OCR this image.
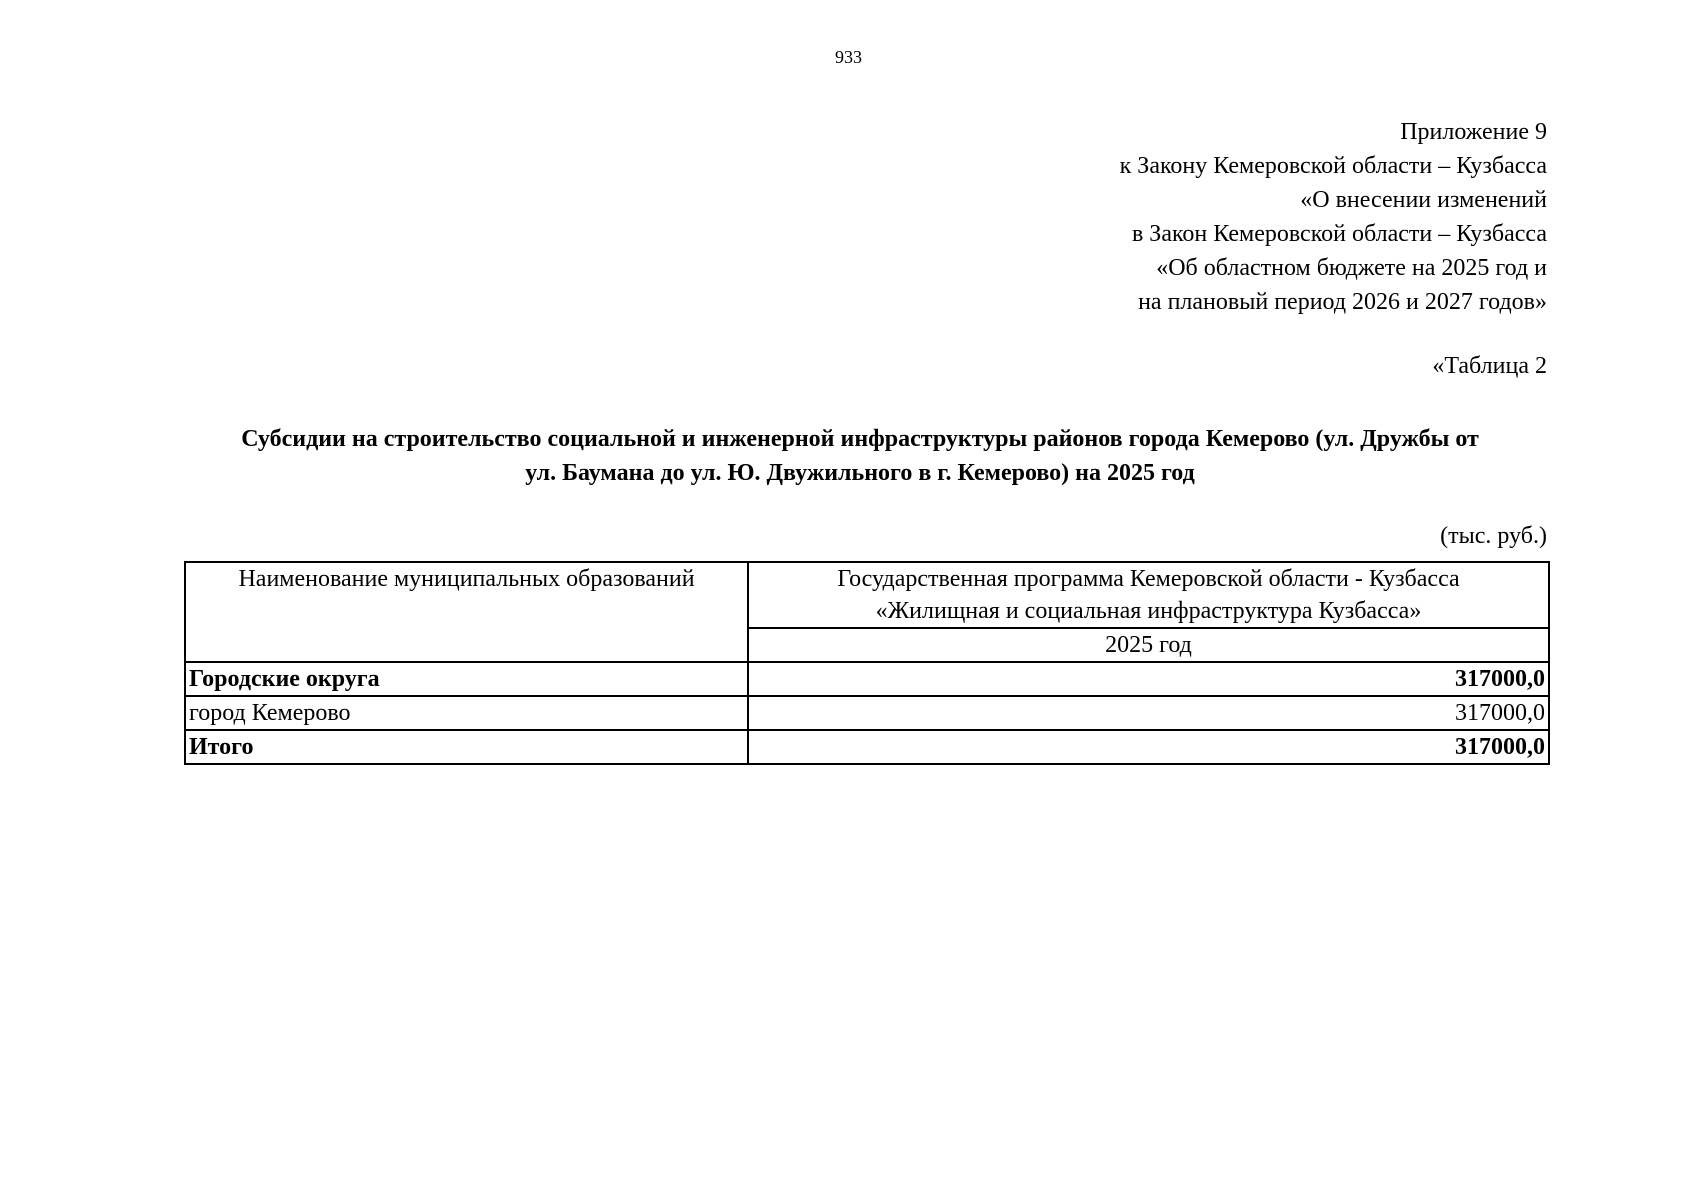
933
Приложение 9
к Закону Кемеровской области – Кузбасса
«О внесении изменений
в Закон Кемеровской области – Кузбасса
«Об областном бюджете на 2025 год и
на плановый период 2026 и 2027 годов»
«Таблица 2
Субсидии на строительство социальной и инженерной инфраструктуры районов города Кемерово (ул. Дружбы от
ул. Баумана до ул. Ю. Двужильного в г. Кемерово) на 2025 год
(тыс. руб.)
Наименование муниципальных образований	Государственная программа Кемеровской области - Кузбасса
«Жилищная и социальная инфраструктура Кузбасса»

	2025 год
Городские округа	317000,0
город Кемерово	317000,0
Итого	317000,0
